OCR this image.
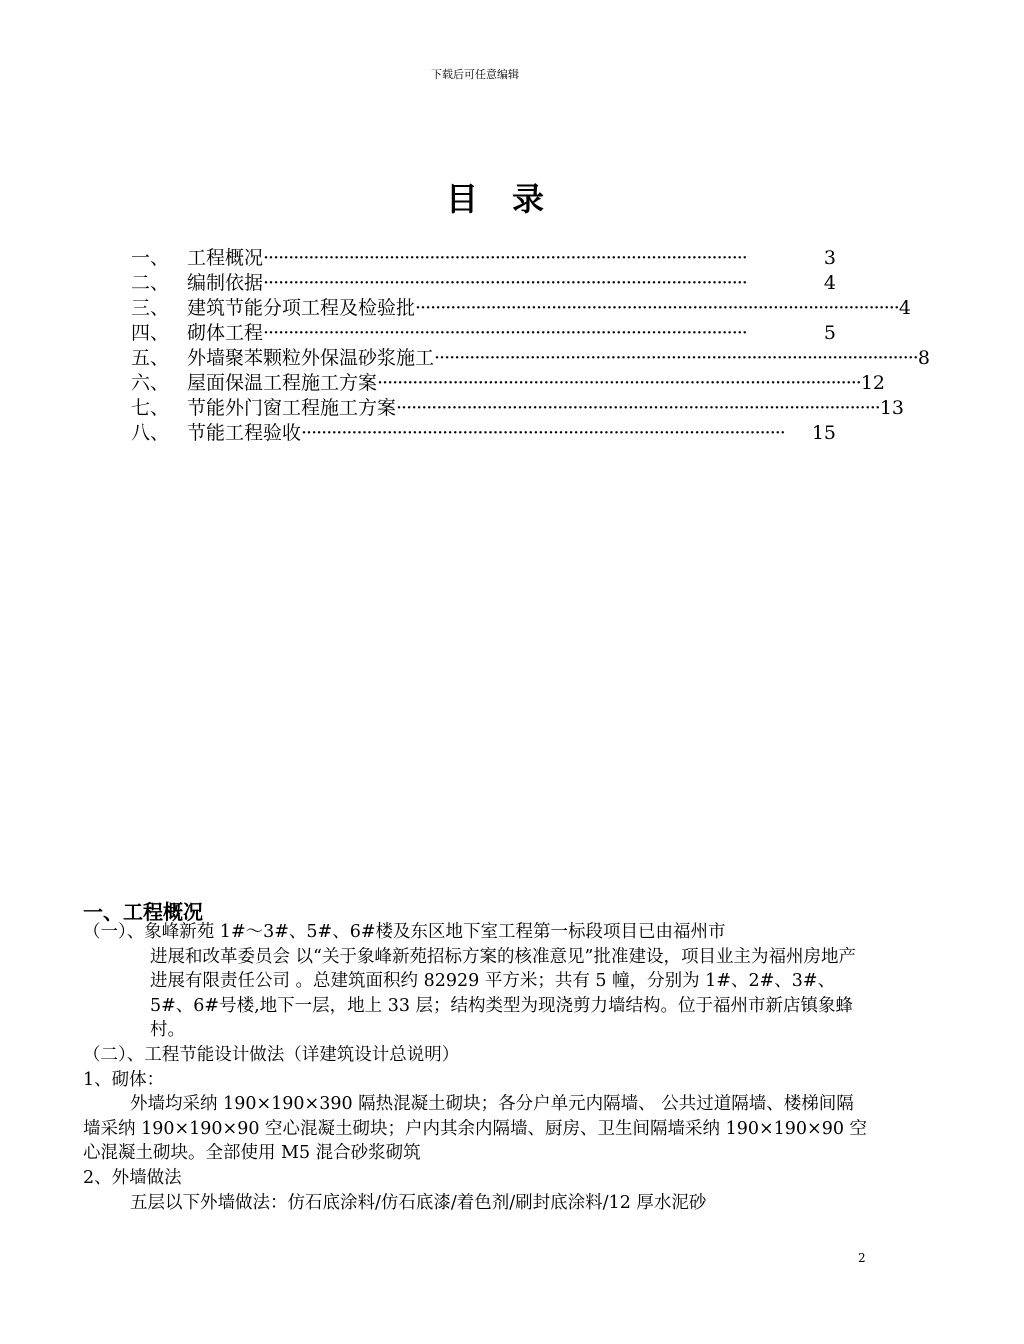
下载后可任意编辑
目录
一、 工程概况 ································································································	3
二、 编制依据 ································································································	4
三、 建筑节能分项工程及检验批 ································································································ 4
四、 砌体工程 ································································································	5
五、 外墙聚苯颗粒外保温砂浆施工 ································································································ 8
六、 屋面保温工程施工方案 ································································································ 12
七、 节能外门窗工程施工方案 ································································································ 13
八、 节能工程验收 ································································································	15
一、工程概况

（一）、象峰新苑 1#～3#、5#、6#楼及东区地下室工程第一标段项目已由福州市

进展和改革委员会 以“关于象峰新苑招标方案的核准意见”批准建设，项目业主为福州房地产进展有限责任公司 。总建筑面积约 82929 平方米；共有 5 幢，分别为 1#、2#、3#、5#、6#号楼,地下一层，地上 33 层；结构类型为现浇剪力墙结构。位于福州市新店镇象蜂村。

（二）、工程节能设计做法（详建筑设计总说明）

1、砌体：

外墙均采纳 190×190×390 隔热混凝土砌块；各分户单元内隔墙、 公共过道隔墙、楼梯间隔墙采纳 190×190×90 空心混凝土砌块；户内其余内隔墙、厨房、卫生间隔墙采纳 190×190×90 空心混凝土砌块。全部使用 M5 混合砂浆砌筑

2、外墙做法

五层以下外墙做法：仿石底涂料/仿石底漆/着色剂/刷封底涂料/12 厚水泥砂

2
